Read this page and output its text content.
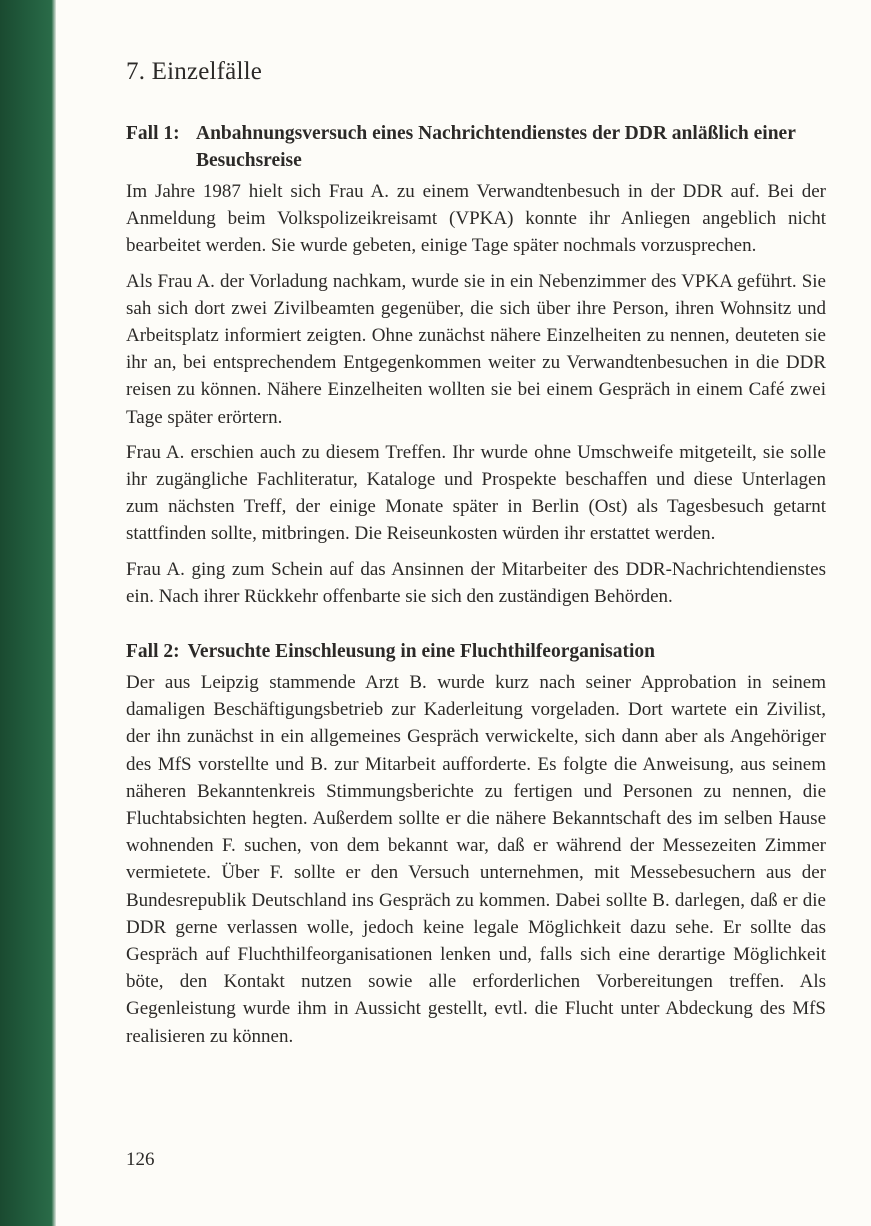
7. Einzelfälle
Fall 1: Anbahnungsversuch eines Nachrichtendienstes der DDR anläßlich einer Besuchsreise

Im Jahre 1987 hielt sich Frau A. zu einem Verwandtenbesuch in der DDR auf. Bei der Anmeldung beim Volkspolizeikreisamt (VPKA) konnte ihr Anliegen angeblich nicht bearbeitet werden. Sie wurde gebeten, einige Tage später nochmals vorzusprechen.

Als Frau A. der Vorladung nachkam, wurde sie in ein Nebenzimmer des VPKA geführt. Sie sah sich dort zwei Zivilbeamten gegenüber, die sich über ihre Person, ihren Wohnsitz und Arbeitsplatz informiert zeigten. Ohne zunächst nähere Einzelheiten zu nennen, deuteten sie ihr an, bei entsprechendem Entgegenkommen weiter zu Verwandtenbesuchen in die DDR reisen zu können. Nähere Einzelheiten wollten sie bei einem Gespräch in einem Café zwei Tage später erörtern.

Frau A. erschien auch zu diesem Treffen. Ihr wurde ohne Umschweife mitgeteilt, sie solle ihr zugängliche Fachliteratur, Kataloge und Prospekte beschaffen und diese Unterlagen zum nächsten Treff, der einige Monate später in Berlin (Ost) als Tagesbesuch getarnt stattfinden sollte, mitbringen. Die Reiseunkosten würden ihr erstattet werden.

Frau A. ging zum Schein auf das Ansinnen der Mitarbeiter des DDR-Nachrichtendienstes ein. Nach ihrer Rückkehr offenbarte sie sich den zuständigen Behörden.

Fall 2: Versuchte Einschleusung in eine Fluchthilfeorganisation

Der aus Leipzig stammende Arzt B. wurde kurz nach seiner Approbation in seinem damaligen Beschäftigungsbetrieb zur Kaderleitung vorgeladen. Dort wartete ein Zivilist, der ihn zunächst in ein allgemeines Gespräch verwickelte, sich dann aber als Angehöriger des MfS vorstellte und B. zur Mitarbeit aufforderte. Es folgte die Anweisung, aus seinem näheren Bekanntenkreis Stimmungsberichte zu fertigen und Personen zu nennen, die Fluchtabsichten hegten. Außerdem sollte er die nähere Bekanntschaft des im selben Hause wohnenden F. suchen, von dem bekannt war, daß er während der Messezeiten Zimmer vermietete. Über F. sollte er den Versuch unternehmen, mit Messebesuchern aus der Bundesrepublik Deutschland ins Gespräch zu kommen. Dabei sollte B. darlegen, daß er die DDR gerne verlassen wolle, jedoch keine legale Möglichkeit dazu sehe. Er sollte das Gespräch auf Fluchthilfeorganisationen lenken und, falls sich eine derartige Möglichkeit böte, den Kontakt nutzen sowie alle erforderlichen Vorbereitungen treffen. Als Gegenleistung wurde ihm in Aussicht gestellt, evtl. die Flucht unter Abdeckung des MfS realisieren zu können.

126
